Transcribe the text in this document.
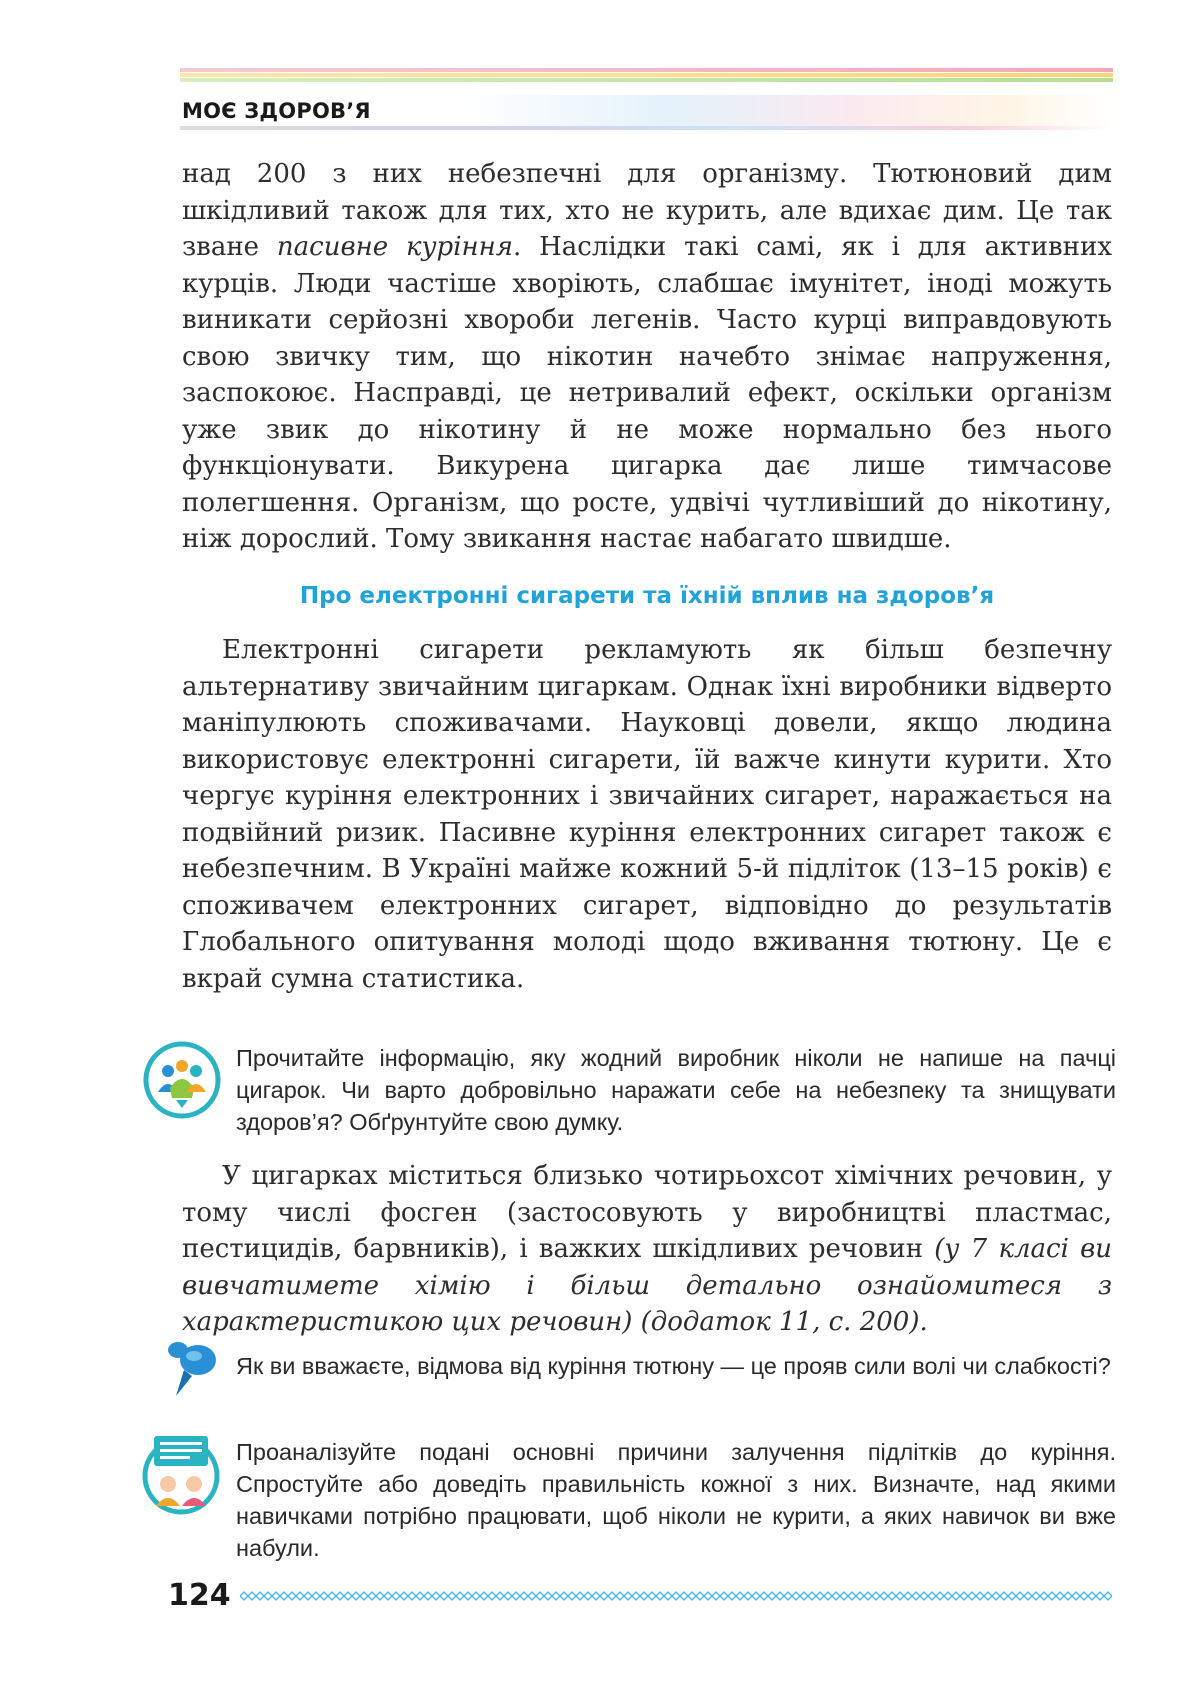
МОЄ ЗДОРОВ’Я

над 200 з них небезпечні для організму. Тютюновий дим шкідливий також для тих, хто не курить, але вдихає дим. Це так зване пасивне куріння. Наслідки такі самі, як і для активних курців. Люди частіше хворіють, слабшає імунітет, іноді можуть виникати серйозні хвороби легенів. Часто курці виправдовують свою звичку тим, що нікотин начебто знімає напруження, заспокоює. Насправді, це нетривалий ефект, оскільки організм уже звик до нікотину й не може нормально без нього функціонувати. Викурена цигарка дає лише тимчасове полегшення. Організм, що росте, удвічі чутливіший до нікотину, ніж дорослий. Тому звикання настає набагато швидше.

Про електронні сигарети та їхній вплив на здоров’я

Електронні сигарети рекламують як більш безпечну альтернативу звичайним цигаркам. Однак їхні виробники відверто маніпулюють споживачами. Науковці довели, якщо людина використовує електронні сигарети, їй важче кинути курити. Хто чергує куріння електронних і звичайних сигарет, наражається на подвійний ризик. Пасивне куріння електронних сигарет також є небезпечним. В Україні майже кожний 5-й підліток (13–15 років) є споживачем електронних сигарет, відповідно до результатів Глобального опитування молоді щодо вживання тютюну. Це є вкрай сумна статистика.

Прочитайте інформацію, яку жодний виробник ніколи не напише на пачці цигарок. Чи варто добровільно наражати себе на небезпеку та знищувати здоров’я? Обґрунтуйте свою думку.

У цигарках міститься близько чотирьохсот хімічних речовин, у тому числі фосген (застосовують у виробництві пластмас, пестицидів, барвників), і важких шкідливих речовин (у 7 класі ви вивчатимете хімію і більш детально ознайомитеся з характеристикою цих речовин) (додаток 11, с. 200).

Як ви вважаєте, відмова від куріння тютюну — це прояв сили волі чи слабкості?

Проаналізуйте подані основні причини залучення підлітків до куріння. Спростуйте або доведіть правильність кожної з них. Визначте, над якими навичками потрібно працювати, щоб ніколи не курити, а яких навичок ви вже набули.

124
